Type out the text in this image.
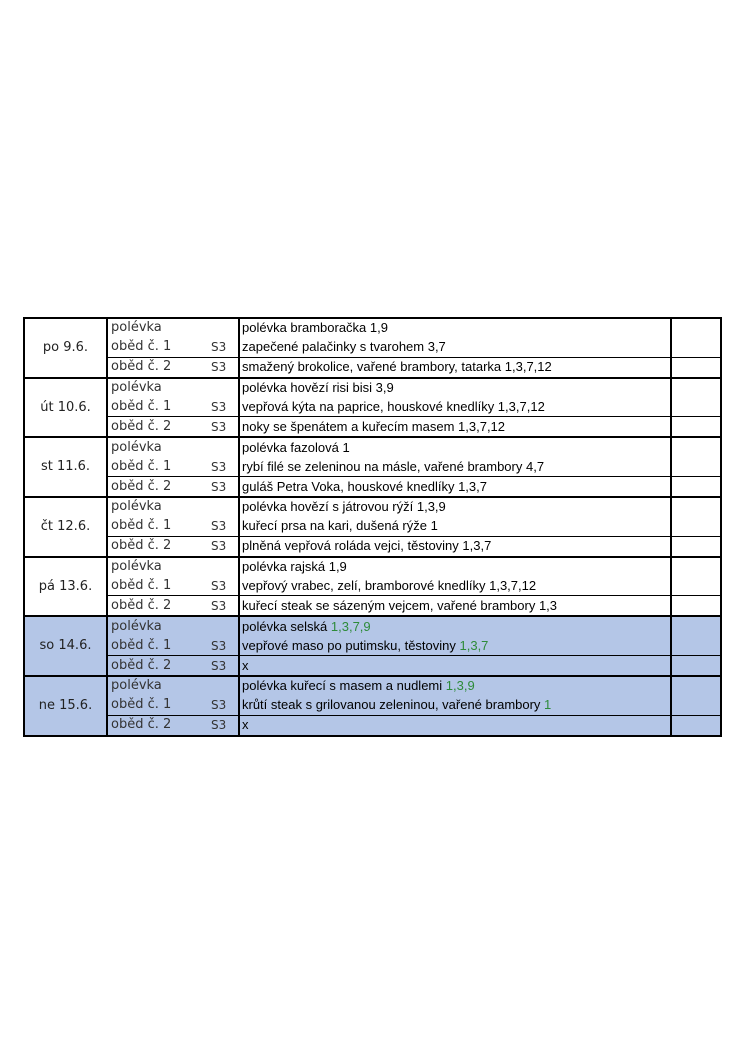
po 9.6.	polévka		polévka bramboračka 1,9	
	oběd č. 1	S3	zapečené palačinky s tvarohem 3,7	
	oběd č. 2	S3	smažený brokolice, vařené brambory, tatarka 1,3,7,12	
út 10.6.	polévka		polévka hovězí risi bisi 3,9	
	oběd č. 1	S3	vepřová kýta na paprice, houskové knedlíky 1,3,7,12	
	oběd č. 2	S3	noky se špenátem a kuřecím masem 1,3,7,12	
st 11.6.	polévka		polévka fazolová 1	
	oběd č. 1	S3	rybí filé se zeleninou na másle, vařené brambory 4,7	
	oběd č. 2	S3	guláš Petra Voka, houskové knedlíky 1,3,7	
čt 12.6.	polévka		polévka hovězí s játrovou rýží 1,3,9	
	oběd č. 1	S3	kuřecí prsa na kari, dušená rýže 1	
	oběd č. 2	S3	plněná vepřová roláda vejci, těstoviny 1,3,7	
pá 13.6.	polévka		polévka rajská 1,9	
	oběd č. 1	S3	vepřový vrabec, zelí, bramborové knedlíky 1,3,7,12	
	oběd č. 2	S3	kuřecí steak se sázeným vejcem, vařené brambory 1,3	
so 14.6.	polévka		polévka selská 1,3,7,9	
	oběd č. 1	S3	vepřové maso po putimsku, těstoviny 1,3,7	
	oběd č. 2	S3	x	
ne 15.6.	polévka		polévka kuřecí s masem a nudlemi 1,3,9	
	oběd č. 1	S3	krůtí steak s grilovanou zeleninou, vařené brambory 1	
	oběd č. 2	S3	x	
